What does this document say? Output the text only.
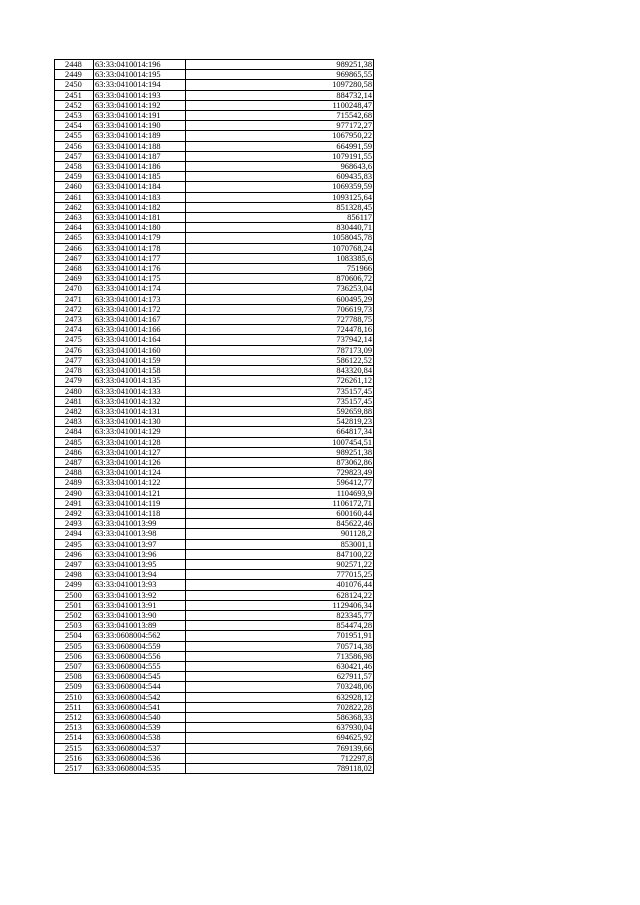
2448	63:33:0410014:196	989251,38
2449	63:33:0410014:195	969865,55
2450	63:33:0410014:194	1097280,58
2451	63:33:0410014:193	884732,14
2452	63:33:0410014:192	1100248,47
2453	63:33:0410014:191	715542,68
2454	63:33:0410014:190	977172,27
2455	63:33:0410014:189	1067950,22
2456	63:33:0410014:188	664991,59
2457	63:33:0410014:187	1079191,55
2458	63:33:0410014:186	968643,6
2459	63:33:0410014:185	609435,83
2460	63:33:0410014:184	1069359,59
2461	63:33:0410014:183	1093125,64
2462	63:33:0410014:182	851328,45
2463	63:33:0410014:181	856117
2464	63:33:0410014:180	830440,71
2465	63:33:0410014:179	1058045,78
2466	63:33:0410014:178	1070768,24
2467	63:33:0410014:177	1083385,6
2468	63:33:0410014:176	751966
2469	63:33:0410014:175	870606,72
2470	63:33:0410014:174	736253,04
2471	63:33:0410014:173	600495,29
2472	63:33:0410014:172	706619,73
2473	63:33:0410014:167	727788,75
2474	63:33:0410014:166	724478,16
2475	63:33:0410014:164	737942,14
2476	63:33:0410014:160	787173,09
2477	63:33:0410014:159	586122,52
2478	63:33:0410014:158	843320,84
2479	63:33:0410014:135	726261,12
2480	63:33:0410014:133	735157,45
2481	63:33:0410014:132	735157,45
2482	63:33:0410014:131	592659,88
2483	63:33:0410014:130	542819,23
2484	63:33:0410014:129	664817,34
2485	63:33:0410014:128	1007454,51
2486	63:33:0410014:127	989251,38
2487	63:33:0410014:126	873062,86
2488	63:33:0410014:124	729823,49
2489	63:33:0410014:122	596412,77
2490	63:33:0410014:121	1104693,9
2491	63:33:0410014:119	1106172,71
2492	63:33:0410014:118	600160,44
2493	63:33:0410013:99	845622,46
2494	63:33:0410013:98	901128,2
2495	63:33:0410013:97	853001,1
2496	63:33:0410013:96	847100,22
2497	63:33:0410013:95	902571,22
2498	63:33:0410013:94	777015,25
2499	63:33:0410013:93	401076,44
2500	63:33:0410013:92	628124,22
2501	63:33:0410013:91	1129406,34
2502	63:33:0410013:90	823345,77
2503	63:33:0410013:89	854474,28
2504	63:33:0608004:562	701951,91
2505	63:33:0608004:559	705714,38
2506	63:33:0608004:556	713586,98
2507	63:33:0608004:555	630421,46
2508	63:33:0608004:545	627911,57
2509	63:33:0608004:544	703248,06
2510	63:33:0608004:542	632928,12
2511	63:33:0608004:541	702822,28
2512	63:33:0608004:540	586368,33
2513	63:33:0608004:539	637930,04
2514	63:33:0608004:538	694625,92
2515	63:33:0608004:537	769139,66
2516	63:33:0608004:536	712297,8
2517	63:33:0608004:535	789118,02
